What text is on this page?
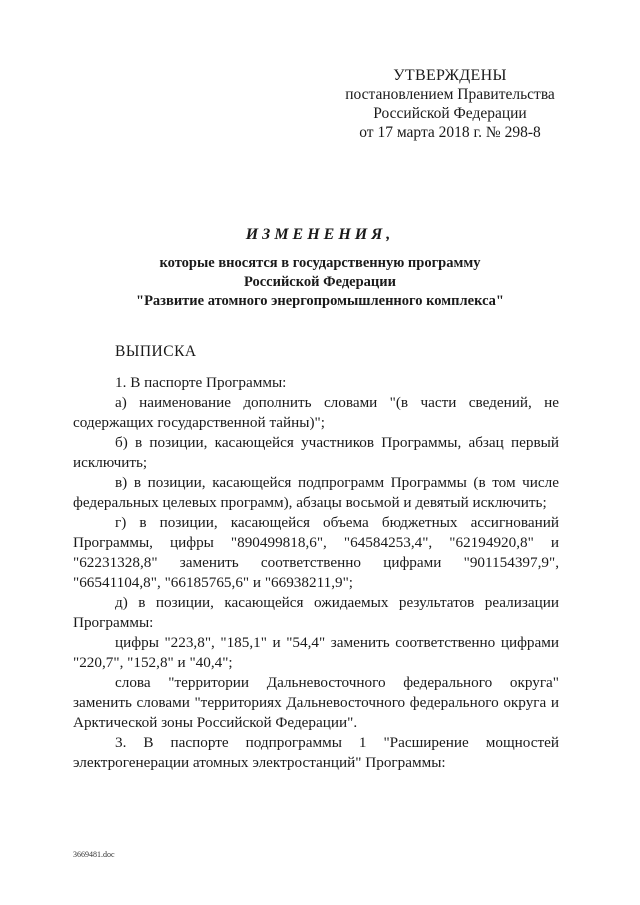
УТВЕРЖДЕНЫ
постановлением Правительства
Российской Федерации
от 17 марта 2018 г. № 298-8
ИЗМЕНЕНИЯ,
которые вносятся в государственную программу
Российской Федерации
"Развитие атомного энергопромышленного комплекса"
ВЫПИСКА

1. В паспорте Программы:

а) наименование дополнить словами "(в части сведений, не содержащих государственной тайны)";

б) в позиции, касающейся участников Программы, абзац первый исключить;

в) в позиции, касающейся подпрограмм Программы (в том числе федеральных целевых программ), абзацы восьмой и девятый исключить;

г) в позиции, касающейся объема бюджетных ассигнований Программы, цифры "890499818,6", "64584253,4", "62194920,8" и "62231328,8" заменить соответственно цифрами "901154397,9", "66541104,8", "66185765,6" и "66938211,9";

д) в позиции, касающейся ожидаемых результатов реализации Программы:

цифры "223,8", "185,1" и "54,4" заменить соответственно цифрами "220,7", "152,8" и "40,4";

слова "территории Дальневосточного федерального округа" заменить словами "территориях Дальневосточного федерального округа и Арктической зоны Российской Федерации".

3. В паспорте подпрограммы 1 "Расширение мощностей электрогенерации атомных электростанций" Программы:

3669481.doc
